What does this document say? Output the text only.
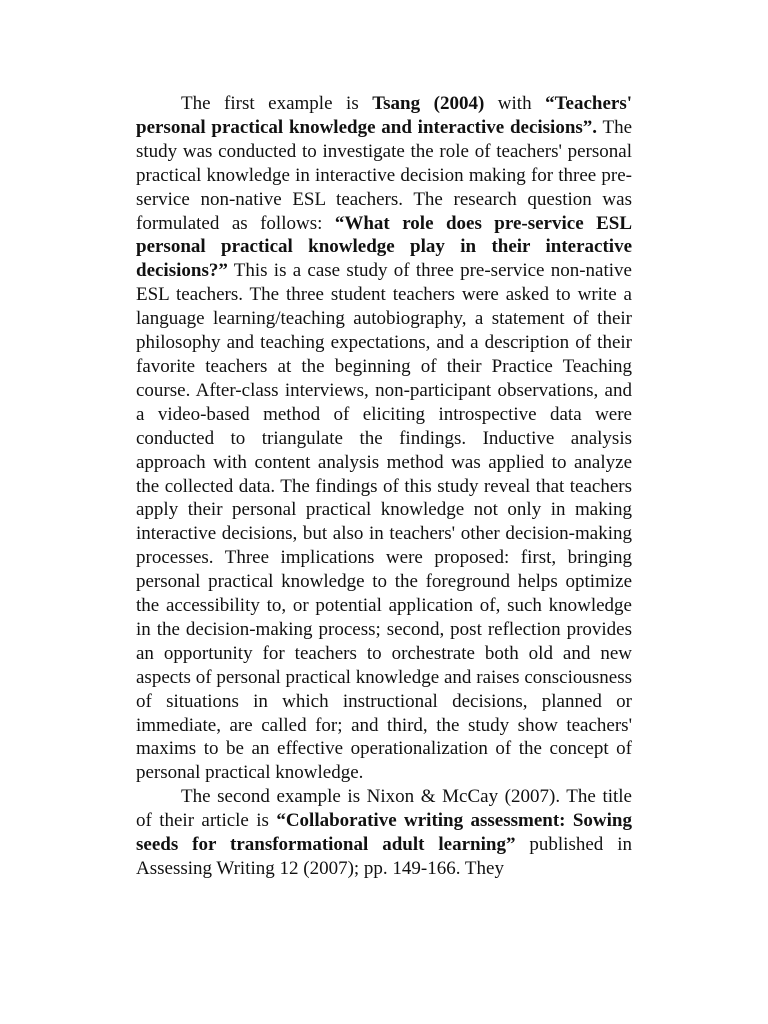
The first example is Tsang (2004) with “Teachers' personal practical knowledge and interactive decisions”. The study was conducted to investigate the role of teachers' personal practical knowledge in interactive decision making for three pre-service non-native ESL teachers. The research question was formulated as follows: “What role does pre-service ESL personal practical knowledge play in their interactive decisions?” This is a case study of three pre-service non-native ESL teachers. The three student teachers were asked to write a language learning/teaching autobiography, a statement of their philosophy and teaching expectations, and a description of their favorite teachers at the beginning of their Practice Teaching course. After-class interviews, non-participant observations, and a video-based method of eliciting introspective data were conducted to triangulate the findings. Inductive analysis approach with content analysis method was applied to analyze the collected data. The findings of this study reveal that teachers apply their personal practical knowledge not only in making interactive decisions, but also in teachers' other decision-making processes. Three implications were proposed: first, bringing personal practical knowledge to the foreground helps optimize the accessibility to, or potential application of, such knowledge in the decision-making process; second, post reflection provides an opportunity for teachers to orchestrate both old and new aspects of personal practical knowledge and raises consciousness of situations in which instructional decisions, planned or immediate, are called for; and third, the study show teachers' maxims to be an effective operationalization of the concept of personal practical knowledge.

The second example is Nixon & McCay (2007). The title of their article is “Collaborative writing assessment: Sowing seeds for transformational adult learning” published in Assessing Writing 12 (2007); pp. 149-166. They
